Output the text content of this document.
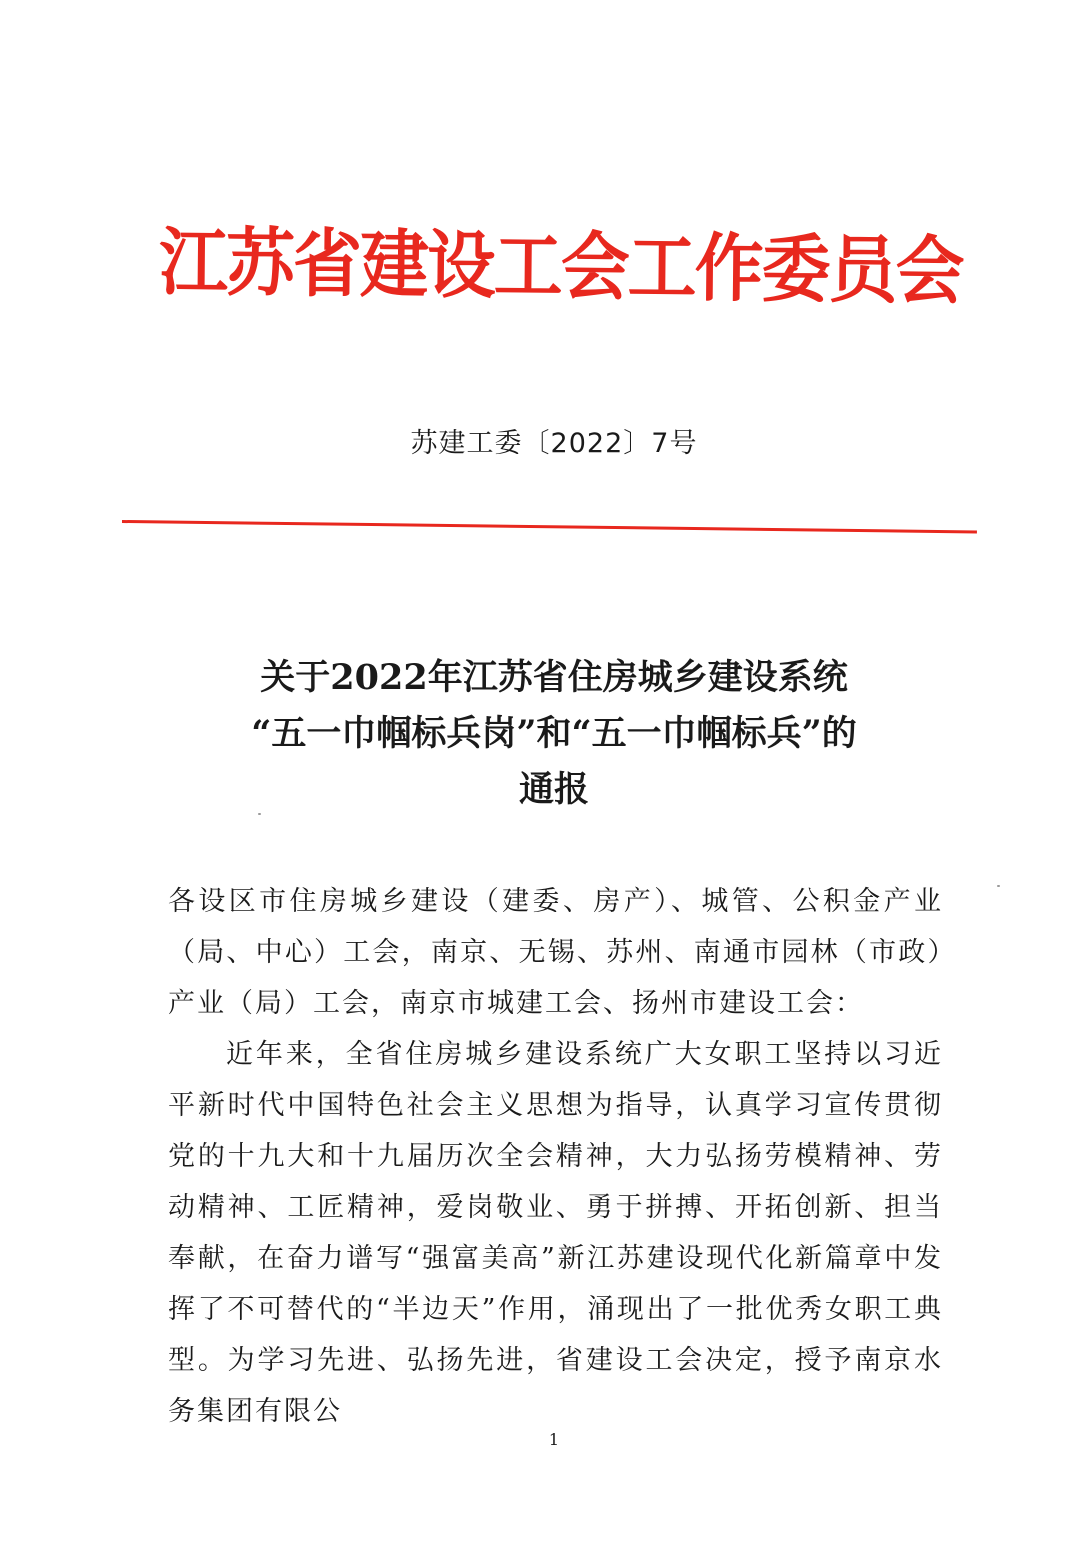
江苏省建设工会工作委员会
苏建工委〔2022〕7号
关于2022年江苏省住房城乡建设系统
“五一巾帼标兵岗”和“五一巾帼标兵”的
通报

各设区市住房城乡建设（建委、房产）、城管、公积金产业（局、中心）工会，南京、无锡、苏州、南通市园林（市政）产业（局）工会，南京市城建工会、扬州市建设工会：

近年来，全省住房城乡建设系统广大女职工坚持以习近平新时代中国特色社会主义思想为指导，认真学习宣传贯彻党的十九大和十九届历次全会精神，大力弘扬劳模精神、劳动精神、工匠精神，爱岗敬业、勇于拼搏、开拓创新、担当奉献，在奋力谱写“强富美高”新江苏建设现代化新篇章中发挥了不可替代的“半边天”作用，涌现出了一批优秀女职工典型。为学习先进、弘扬先进，省建设工会决定，授予南京水务集团有限公

1
